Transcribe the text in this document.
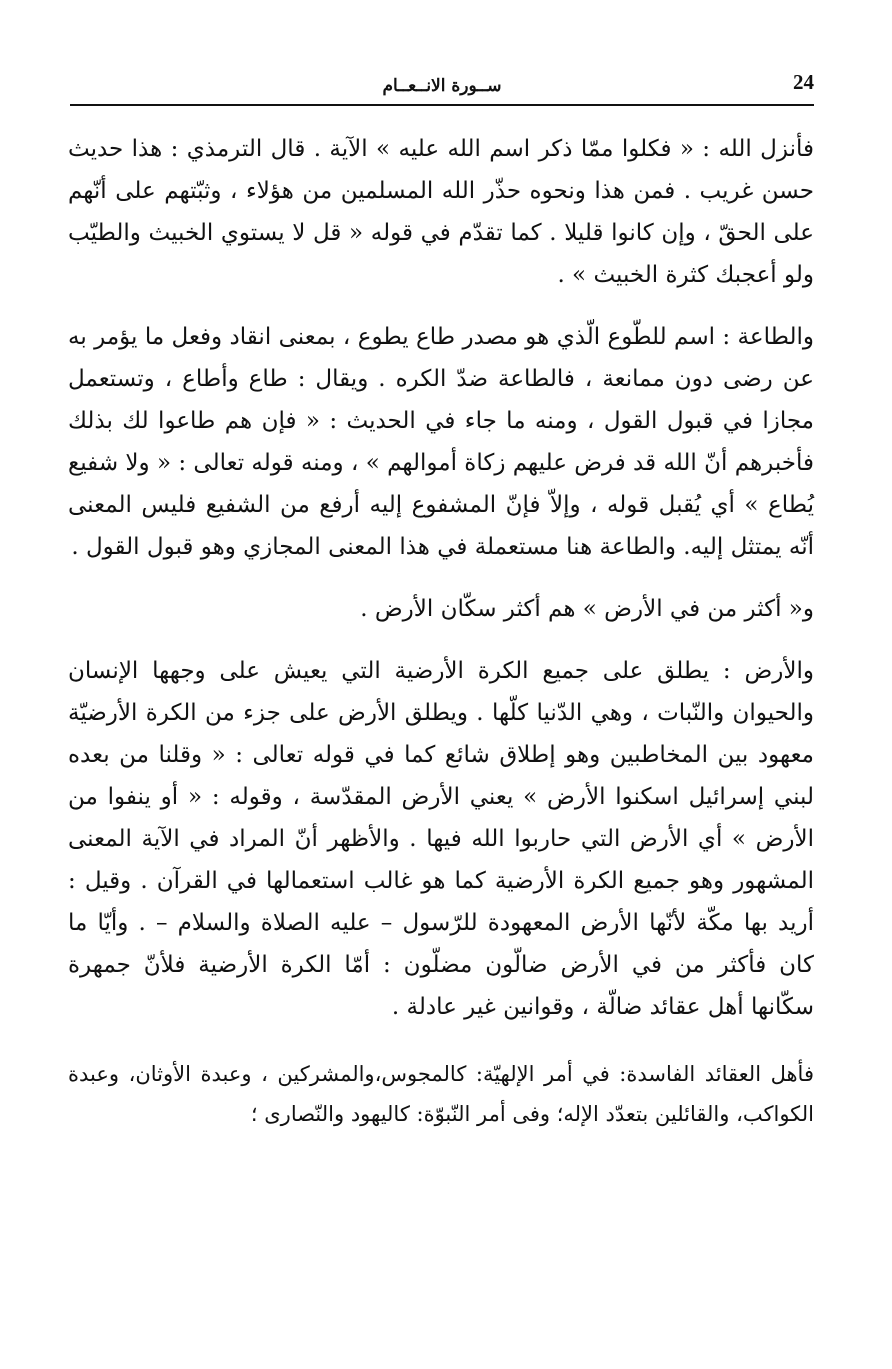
24
ســورة الانــعــام

فأنزل الله : « فكلوا ممّا ذكر اسم الله عليه » الآية . قال الترمذي : هذا حديث حسن غريب . فمن هذا ونحوه حذّر الله المسلمين من هؤلاء ، وثبّتهم على أنّهم على الحقّ ، وإن كانوا قليلا . كما تقدّم في قوله « قل لا يستوي الخبيث والطيّب ولو أعجبك كثرة الخبيث » .

والطاعة : اسم للطّوع الّذي هو مصدر طاع يطوع ، بمعنى انقاد وفعل ما يؤمر به عن رضى دون ممانعة ، فالطاعة ضدّ الكره . ويقال : طاع وأطاع ، وتستعمل مجازا في قبول القول ، ومنه ما جاء في الحديث : « فإن هم طاعوا لك بذلك فأخبرهم أنّ الله قد فرض عليهم زكاة أموالهم » ، ومنه قوله تعالى : « ولا شفيع يُطاع » أي يُقبل قوله ، وإلاّ فإنّ المشفوع إليه أرفع من الشفيع فليس المعنى أنّه يمتثل إليه. والطاعة هنا مستعملة في هذا المعنى المجازي وهو قبول القول .

و« أكثر من في الأرض » هم أكثر سكّان الأرض .

والأرض : يطلق على جميع الكرة الأرضية التي يعيش على وجهها الإنسان والحيوان والنّبات ، وهي الدّنيا كلّها . ويطلق الأرض على جزء من الكرة الأرضيّة معهود بين المخاطبين وهو إطلاق شائع كما في قوله تعالى : « وقلنا من بعده لبني إسرائيل اسكنوا الأرض » يعني الأرض المقدّسة ، وقوله : « أو ينفوا من الأرض » أي الأرض التي حاربوا الله فيها . والأظهر أنّ المراد في الآية المعنى المشهور وهو جميع الكرة الأرضية كما هو غالب استعمالها في القرآن . وقيل : أريد بها مكّة لأنّها الأرض المعهودة للرّسول – عليه الصلاة والسلام – . وأيّا ما كان فأكثر من في الأرض ضالّون مضلّون : أمّا الكرة الأرضية فلأنّ جمهرة سكّانها أهل عقائد ضالّة ، وقوانين غير عادلة .

فأهل العقائد الفاسدة: في أمر الإلهيّة: كالمجوس،والمشركين ، وعبدة الأوثان، وعبدة الكواكب، والقائلين بتعدّد الإله؛ وفى أمر النّبوّة: كاليهود والنّصارى ؛
